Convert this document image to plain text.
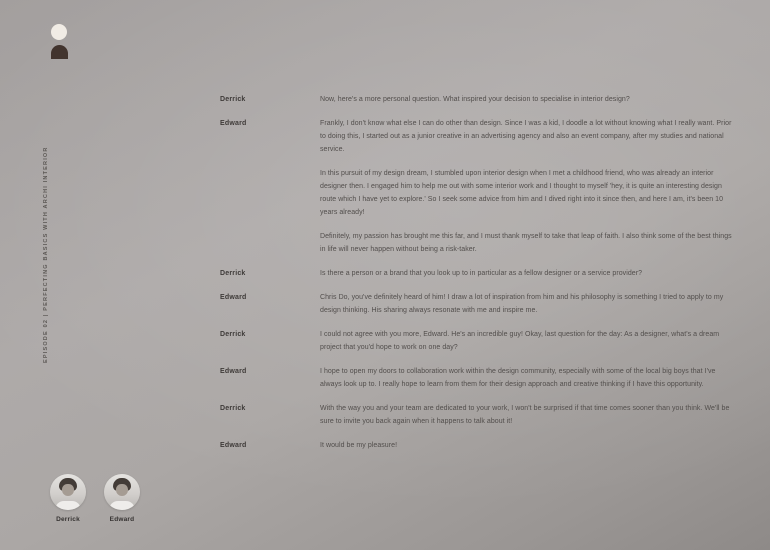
EPISODE 02 | PERFECTING BASICS WITH ARCHI INTERIOR
Derrick	Now, here's a more personal question. What inspired your decision to specialise in interior design?

Edward	Frankly, I don't know what else I can do other than design. Since I was a kid, I doodle a lot without knowing what I really want. Prior to doing this, I started out as a junior creative in an advertising agency and also an event company, after my studies and national service.

In this pursuit of my design dream, I stumbled upon interior design when I met a childhood friend, who was already an interior designer then. I engaged him to help me out with some interior work and I thought to myself 'hey, it is quite an interesting design route which I have yet to explore.' So I seek some advice from him and I dived right into it since then, and here I am, it's been 10 years already!

Definitely, my passion has brought me this far, and I must thank myself to take that leap of faith. I also think some of the best things in life will never happen without being a risk-taker.

Derrick	Is there a person or a brand that you look up to in particular as a fellow designer or a service provider?

Edward	Chris Do, you've definitely heard of him! I draw a lot of inspiration from him and his philosophy is something I tried to apply to my design thinking. His sharing always resonate with me and inspire me.

Derrick	I could not agree with you more, Edward. He's an incredible guy! Okay, last question for the day: As a designer, what's a dream project that you'd hope to work on one day?

Edward	I hope to open my doors to collaboration work within the design community, especially with some of the local big boys that I've always look up to. I really hope to learn from them for their design approach and creative thinking if I have this opportunity.

Derrick	With the way you and your team are dedicated to your work, I won't be surprised if that time comes sooner than you think. We'll be sure to invite you back again when it happens to talk about it!

Edward	It would be my pleasure!

Derrick	Edward
